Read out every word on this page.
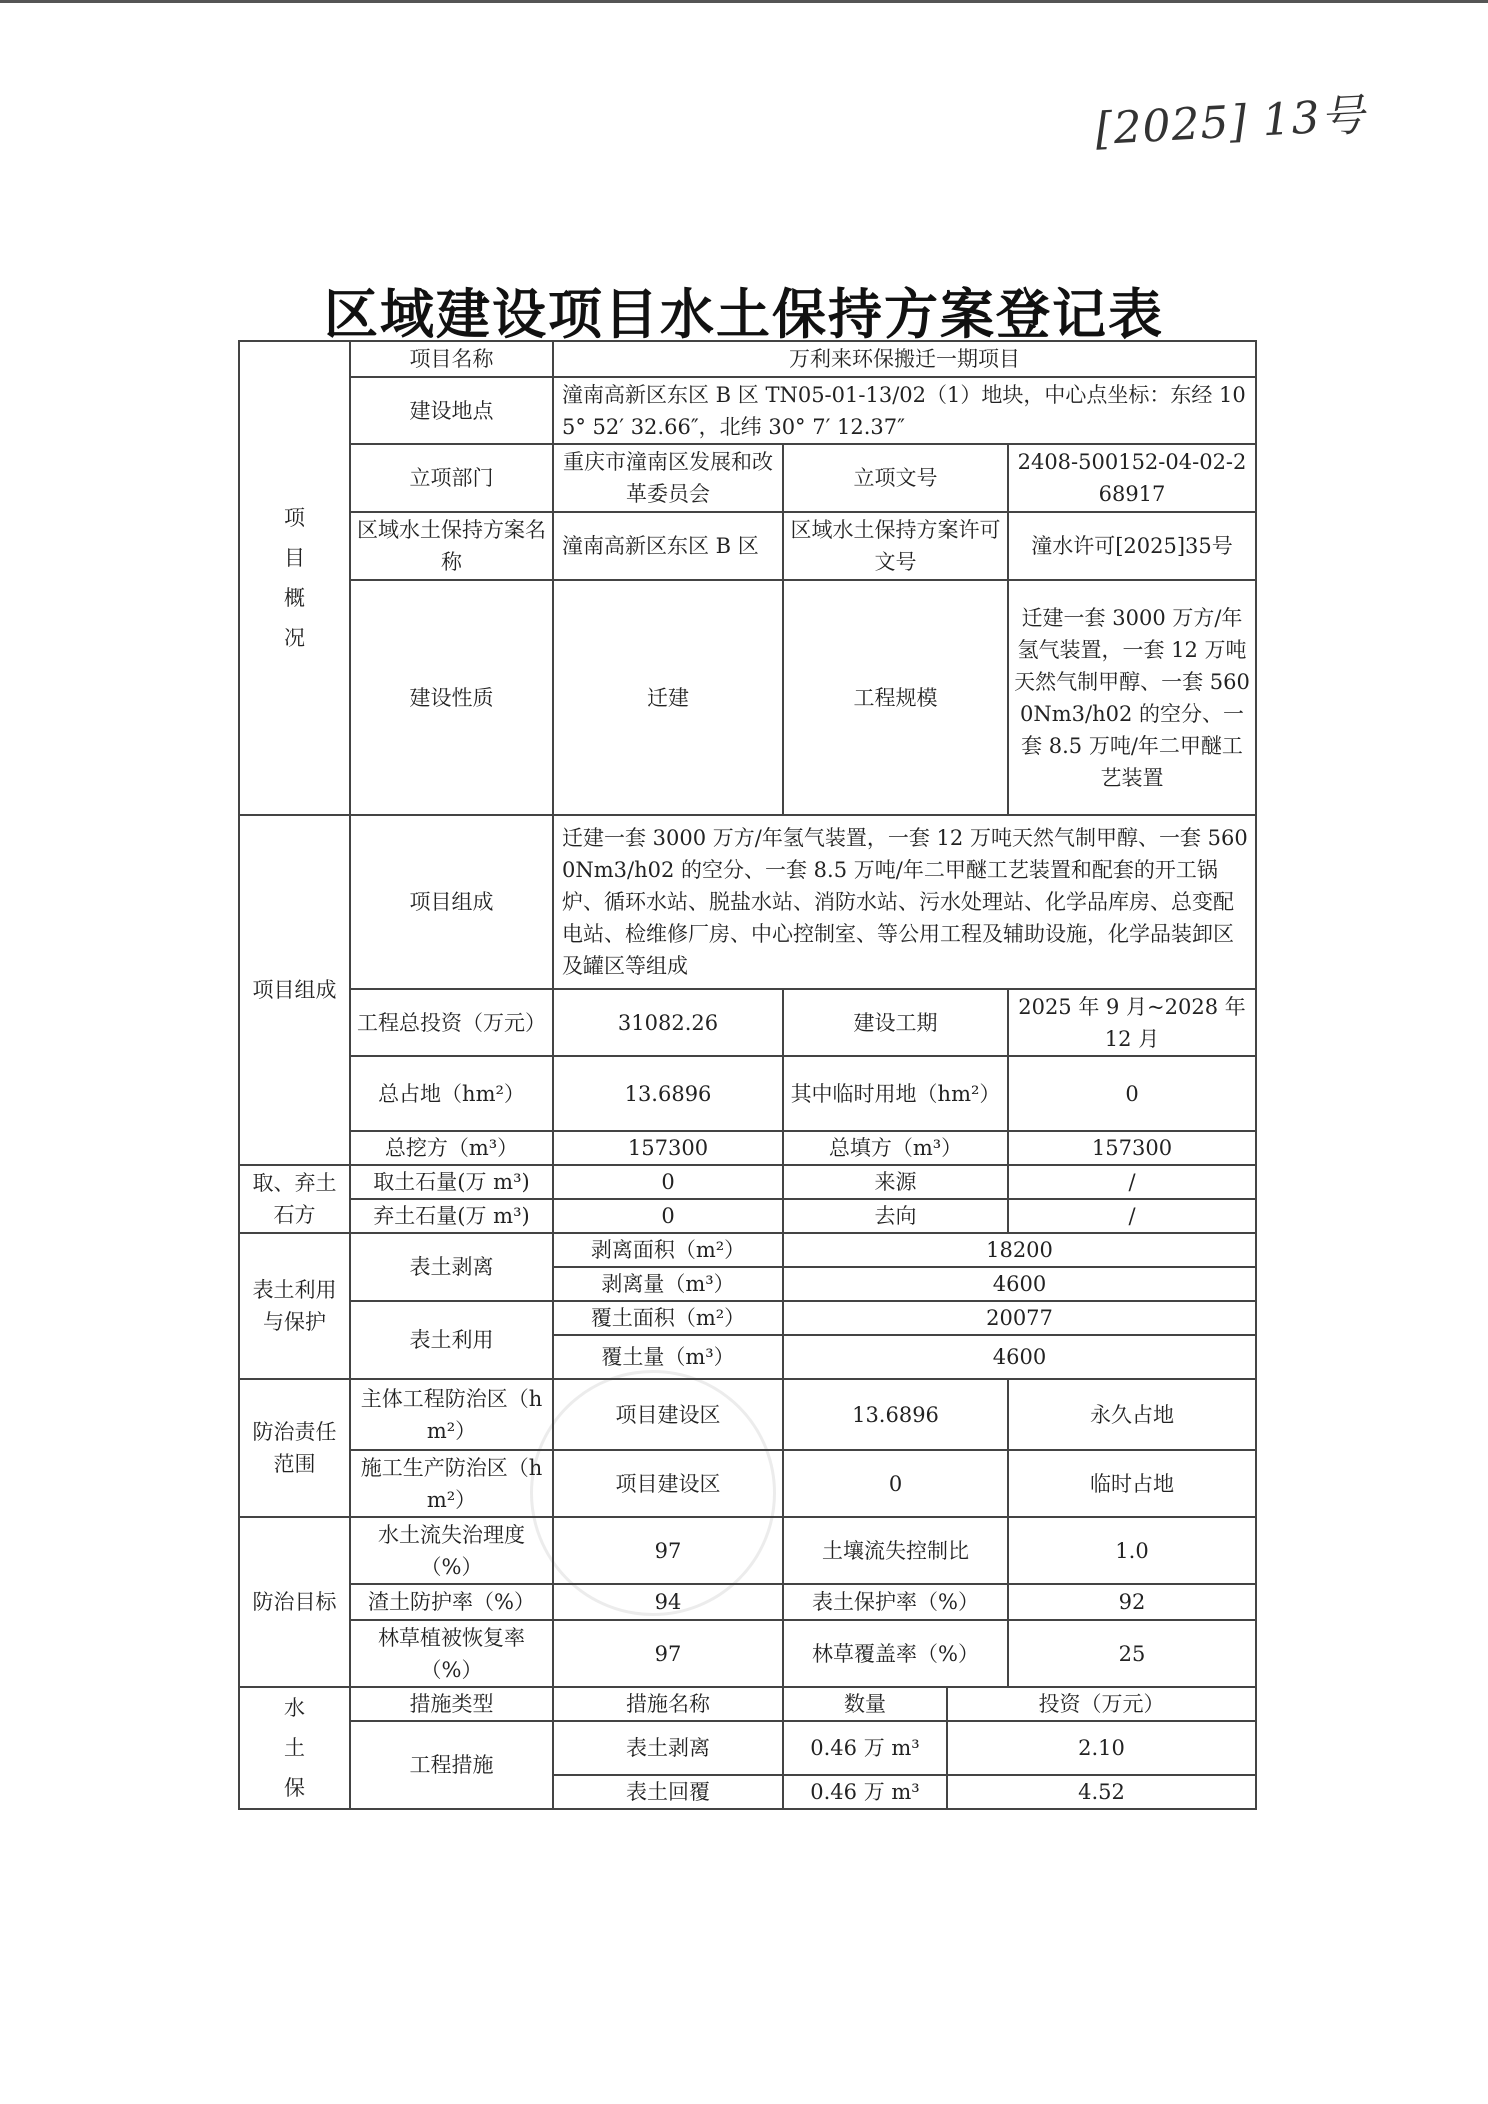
[2025] 13号
区域建设项目水土保持方案登记表
项目概况	项目名称	万利来环保搬迁一期项目			
	建设地点	潼南高新区东区 B 区 TN05-01-13/02（1）地块，中心点坐标：东经 105° 52′ 32.66″，北纬 30° 7′ 12.37″			
	立项部门	重庆市潼南区发展和改革委员会	立项文号		2408-500152-04-02-268917
	区域水土保持方案名称	潼南高新区东区 B 区	区域水土保持方案许可文号		潼水许可[2025]35号
	建设性质	迁建	工程规模		迁建一套 3000 万方/年氢气装置，一套 12 万吨天然气制甲醇、一套 5600Nm3/h02 的空分、一套 8.5 万吨/年二甲醚工艺装置
项目组成	项目组成	迁建一套 3000 万方/年氢气装置，一套 12 万吨天然气制甲醇、一套 5600Nm3/h02 的空分、一套 8.5 万吨/年二甲醚工艺装置和配套的开工锅炉、循环水站、脱盐水站、消防水站、污水处理站、化学品库房、总变配电站、检维修厂房、中心控制室、等公用工程及辅助设施，化学品装卸区及罐区等组成			
	工程总投资（万元）	31082.26	建设工期		2025 年 9 月~2028 年 12 月
	总占地（hm²）	13.6896	其中临时用地（hm²）		0
	总挖方（m³）	157300	总填方（m³）		157300
取、弃土石方	取土石量(万 m³)	0	来源		/
	弃土石量(万 m³)	0	去向		/
表土利用与保护	表土剥离	剥离面积（m²）	18200		
		剥离量（m³）	4600		
	表土利用	覆土面积（m²）	20077		
		覆土量（m³）	4600		
防治责任范围	主体工程防治区（hm²）	项目建设区	13.6896		永久占地
	施工生产防治区（hm²）	项目建设区	0		临时占地
防治目标	水土流失治理度（%）	97	土壤流失控制比		1.0
	渣土防护率（%）	94	表土保护率（%）		92
	林草植被恢复率（%）	97	林草覆盖率（%）		25
水土保	措施类型	措施名称	数量	投资（万元）	
	工程措施	表土剥离	0.46 万 m³	2.10	
		表土回覆	0.46 万 m³	4.52	
